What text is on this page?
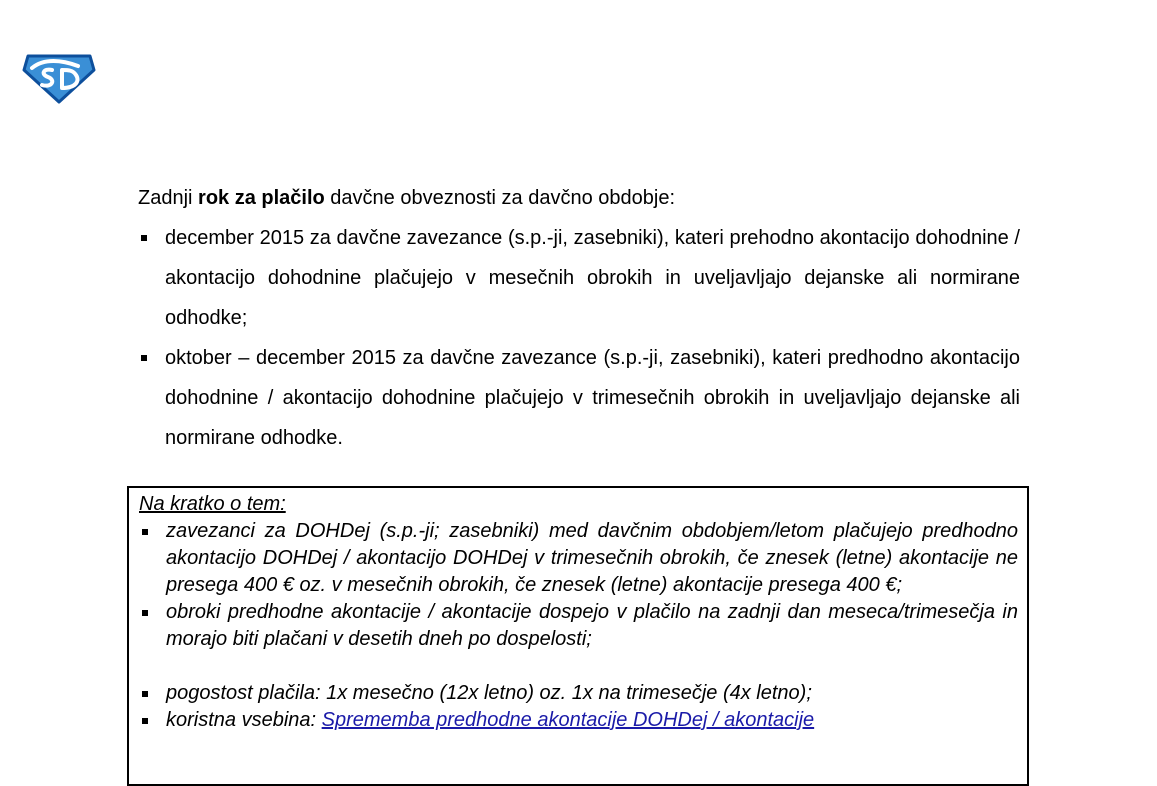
Zadnji rok za plačilo davčne obveznosti za davčno obdobje:

december 2015 za davčne zavezance (s.p.-ji, zasebniki), kateri prehodno akontacijo dohodnine / akontacijo dohodnine plačujejo v mesečnih obrokih in uveljavljajo dejanske ali normirane odhodke;
oktober – december 2015 za davčne zavezance (s.p.-ji, zasebniki), kateri predhodno akontacijo dohodnine / akontacijo dohodnine plačujejo v trimesečnih obrokih in uveljavljajo dejanske ali normirane odhodke.

Na kratko o tem:

zavezanci za DOHDej (s.p.-ji; zasebniki) med davčnim obdobjem/letom plačujejo predhodno akontacijo DOHDej / akontacijo DOHDej v trimesečnih obrokih, če znesek (letne) akontacije ne presega 400 € oz. v mesečnih obrokih, če znesek (letne) akontacije presega 400 €;
obroki predhodne akontacije / akontacije dospejo v plačilo na zadnji dan meseca/trimesečja in morajo biti plačani v desetih dneh po dospelosti;
pogostost plačila: 1x mesečno (12x letno) oz. 1x na trimesečje (4x letno);
koristna vsebina: Sprememba predhodne akontacije DOHDej / akontacije
